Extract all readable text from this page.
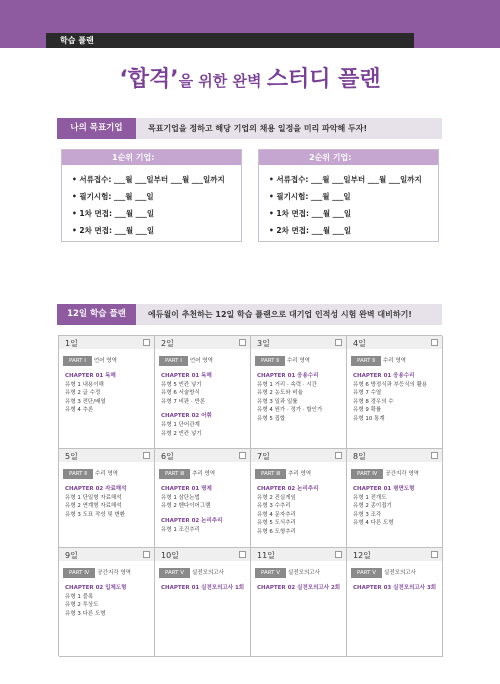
학습 플랜
‘합격’을 위한 완벽 스터디 플랜
나의 목표기업	목표기업을 정하고 해당 기업의 채용 일정을 미리 파악해 두자!
1순위 기업:
• 서류접수: ___월 ___일부터 ___월 ___일까지
• 필기시험: ___월 ___일
• 1차 면접: ___월 ___일
• 2차 면접: ___월 ___일
2순위 기업:
• 서류접수: ___월 ___일부터 ___월 ___일까지
• 필기시험: ___월 ___일
• 1차 면접: ___월 ___일
• 2차 면접: ___월 ___일
12일 학습 플랜	에듀윌이 추천하는 12일 학습 플랜으로 대기업 인적성 시험 완벽 대비하기!
1일
PART Ⅰ 언어 영역
CHAPTER 01 독해
유형 1 내용이해
유형 2 글 수정
유형 3 전단/배열
유형 4 추론
2일
PART Ⅰ 언어 영역
CHAPTER 01 독해
유형 5 빈칸 넣기
유형 6 서술방식
유형 7 비판 · 반론
CHAPTER 02 어휘
유형 1 단어관계
유형 2 빈칸 넣기
3일
PART Ⅱ 수리 영역
CHAPTER 01 응용수리
유형 1 거리 · 속력 · 시간
유형 2 농도와 비율
유형 3 일과 일률
유형 4 원가 · 정가 · 할인가
유형 5 집합
4일
PART Ⅱ 수리 영역
CHAPTER 01 응용수리
유형 6 방정식과 부등식의 활용
유형 7 수열
유형 8 경우의 수
유형 9 확률
유형 10 통계
5일
PART Ⅱ 수리 영역
CHAPTER 02 자료해석
유형 1 단일형 자료해석
유형 2 연계형 자료해석
유형 3 도표 작성 및 변환
6일
PART Ⅲ 추리 영역
CHAPTER 01 명제
유형 1 삼단논법
유형 2 벤다이어그램
CHAPTER 02 논리추리
유형 1 조건추리
7일
PART Ⅲ 추리 영역
CHAPTER 02 논리추리
유형 2 진실게임
유형 3 수추리
유형 4 문자추리
유형 5 도식추리
유형 6 도형추리
8일
PART Ⅳ 공간지각 영역
CHAPTER 01 평면도형
유형 1 전개도
유형 2 종이접기
유형 3 조각
유형 4 다른 도형
9일
PART Ⅳ 공간지각 영역
CHAPTER 02 입체도형
유형 1 블록
유형 2 투상도
유형 3 다른 도형
10일
PART Ⅴ 실전모의고사
CHAPTER 01 실전모의고사 1회
11일
PART Ⅴ 실전모의고사
CHAPTER 02 실전모의고사 2회
12일
PART Ⅴ 실전모의고사
CHAPTER 03 실전모의고사 3회
